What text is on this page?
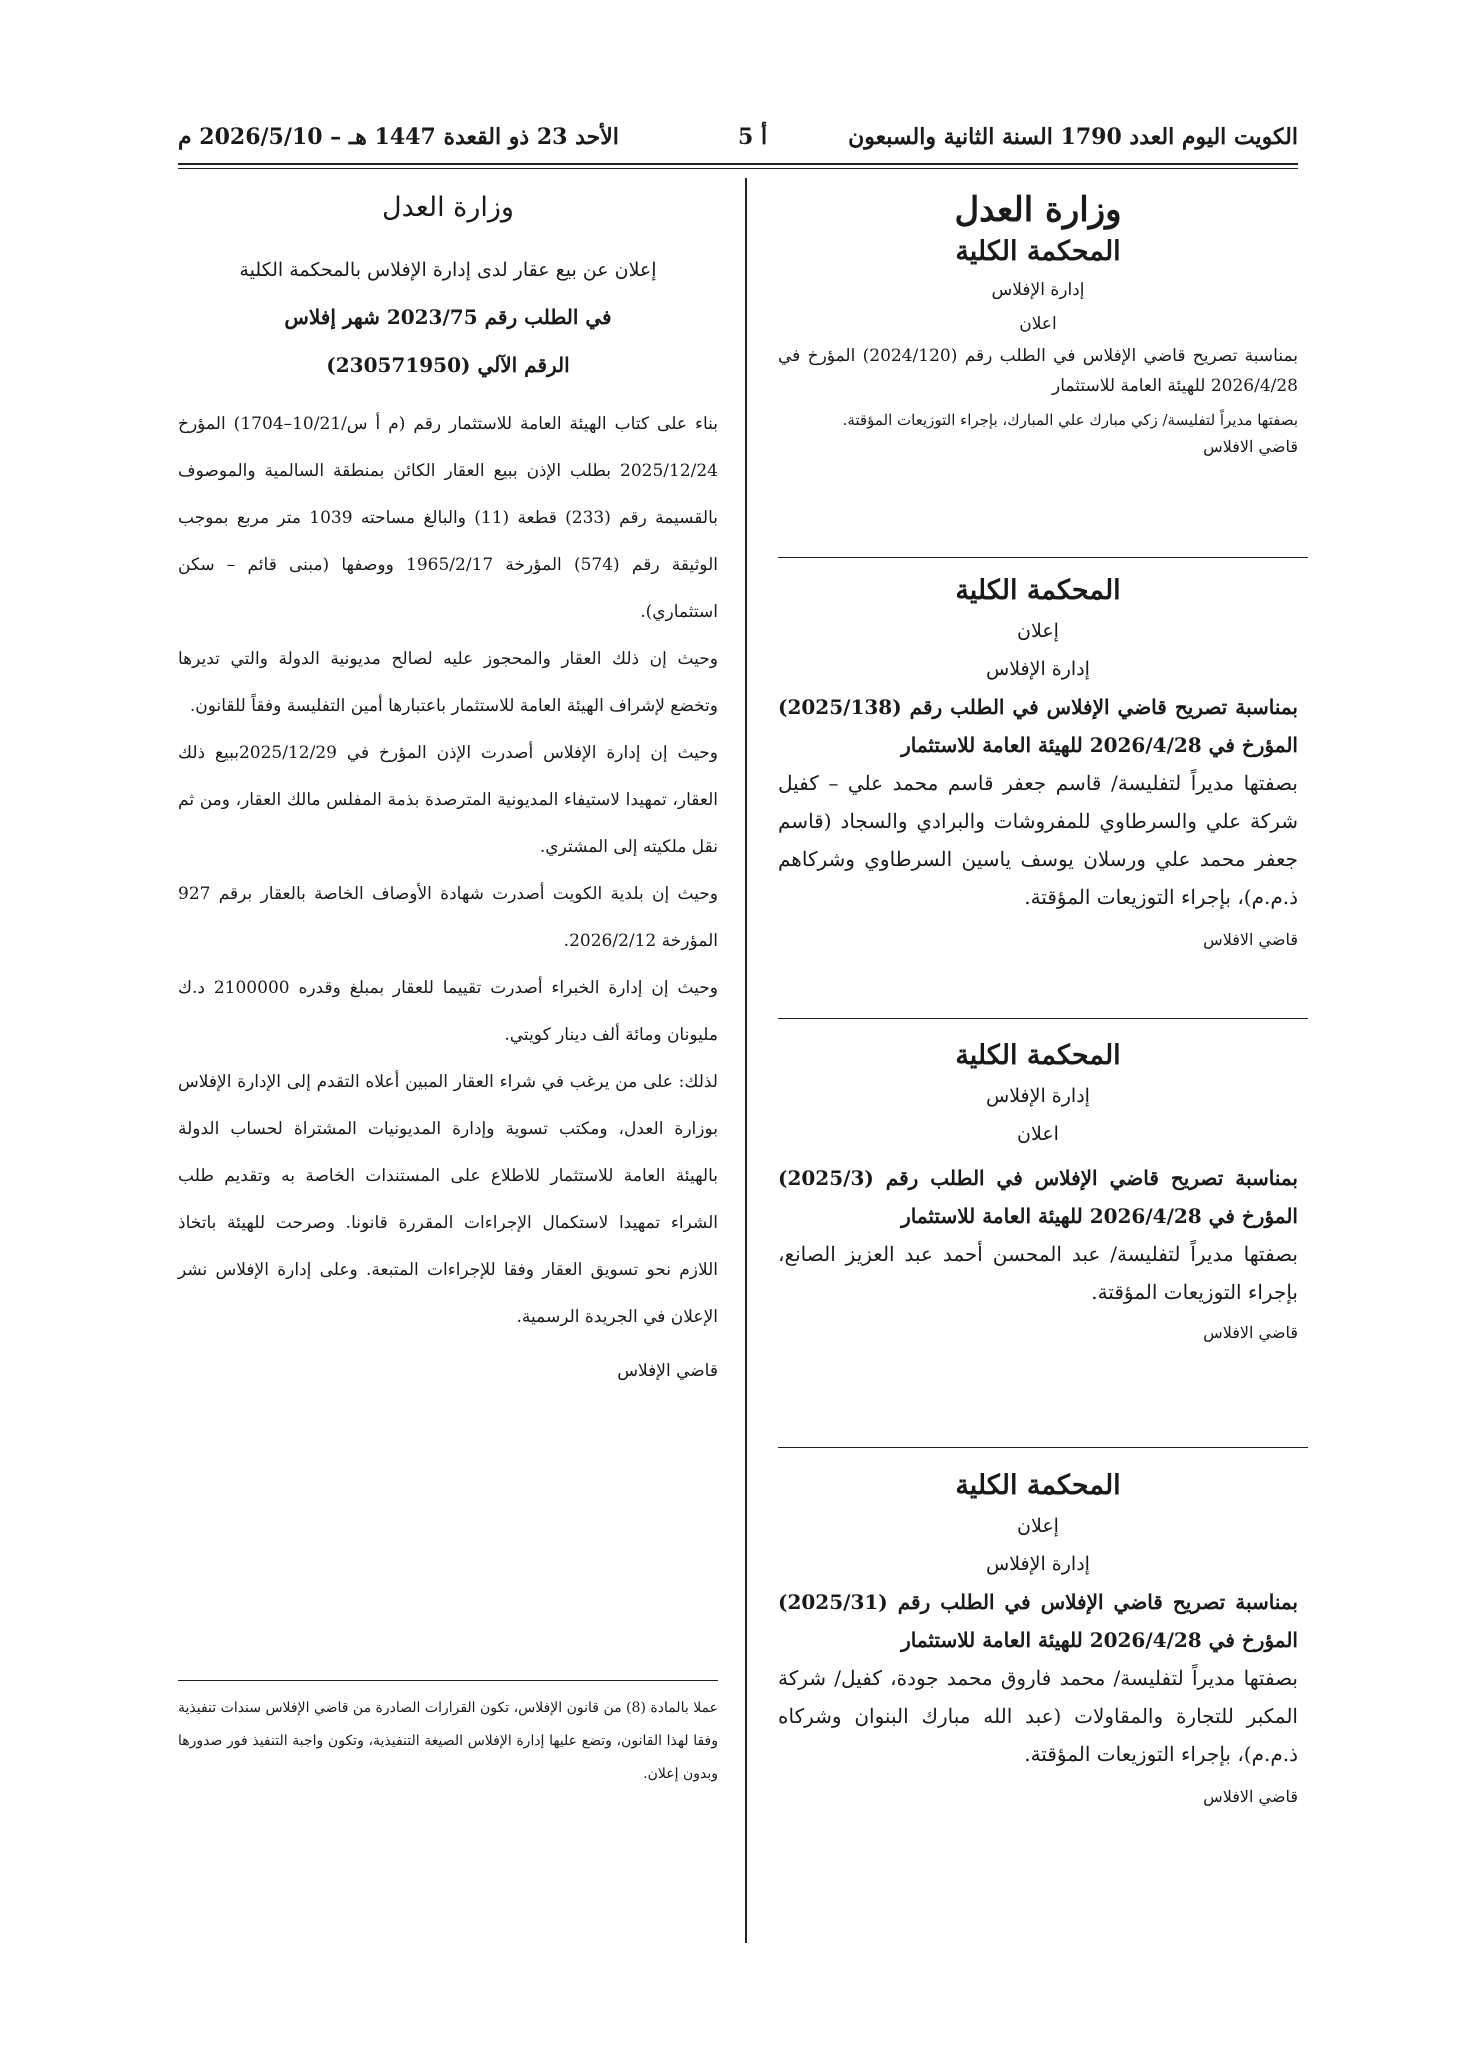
الكويت اليوم العدد 1790 السنة الثانية والسبعون
أ 5
الأحد 23 ذو القعدة 1447 هـ – 2026/5/10 م

وزارة العدل

المحكمة الكلية

إدارة الإفلاس

اعلان

بمناسبة تصريح قاضي الإفلاس في الطلب رقم (2024/120) المؤرخ في 2026/4/28 للهيئة العامة للاستثمار

بصفتها مديراً لتفليسة/ زكي مبارك علي المبارك، بإجراء التوزيعات المؤقتة.

قاضي الافلاس

المحكمة الكلية

إعلان

إدارة الإفلاس

بمناسبة تصريح قاضي الإفلاس في الطلب رقم (2025/138) المؤرخ في 2026/4/28 للهيئة العامة للاستثمار

بصفتها مديراً لتفليسة/ قاسم جعفر قاسم محمد علي – كفيل شركة علي والسرطاوي للمفروشات والبرادي والسجاد (قاسم جعفر محمد علي ورسلان يوسف ياسين السرطاوي وشركاهم ذ.م.م)، بإجراء التوزيعات المؤقتة.

قاضي الافلاس

المحكمة الكلية

إدارة الإفلاس

اعلان

بمناسبة تصريح قاضي الإفلاس في الطلب رقم (2025/3) المؤرخ في 2026/4/28 للهيئة العامة للاستثمار

بصفتها مديراً لتفليسة/ عبد المحسن أحمد عبد العزيز الصانع، بإجراء التوزيعات المؤقتة.

قاضي الافلاس

المحكمة الكلية

إعلان

إدارة الإفلاس

بمناسبة تصريح قاضي الإفلاس في الطلب رقم (2025/31) المؤرخ في 2026/4/28 للهيئة العامة للاستثمار

بصفتها مديراً لتفليسة/ محمد فاروق محمد جودة، كفيل/ شركة المكبر للتجارة والمقاولات (عبد الله مبارك البنوان وشركاه ذ.م.م)، بإجراء التوزيعات المؤقتة.

قاضي الافلاس

وزارة العدل

إعلان عن بيع عقار لدى إدارة الإفلاس بالمحكمة الكلية

في الطلب رقم 2023/75 شهر إفلاس

الرقم الآلي (230571950)

بناء على كتاب الهيئة العامة للاستثمار رقم (م أ س/10/21–1704) المؤرخ 2025/12/24 بطلب الإذن ببيع العقار الكائن بمنطقة السالمية والموصوف بالقسيمة رقم (233) قطعة (11) والبالغ مساحته 1039 متر مربع بموجب الوثيقة رقم (574) المؤرخة 1965/2/17 ووصفها (مبنى قائم – سكن استثماري).

وحيث إن ذلك العقار والمحجوز عليه لصالح مديونية الدولة والتي تديرها وتخضع لإشراف الهيئة العامة للاستثمار باعتبارها أمين التفليسة وفقاً للقانون.

وحيث إن إدارة الإفلاس أصدرت الإذن المؤرخ في 2025/12/29ببيع ذلك العقار، تمهيدا لاستيفاء المديونية المترصدة بذمة المفلس مالك العقار، ومن ثم نقل ملكيته إلى المشتري.

وحيث إن بلدية الكويت أصدرت شهادة الأوصاف الخاصة بالعقار برقم 927 المؤرخة 2026/2/12.

وحيث إن إدارة الخبراء أصدرت تقييما للعقار بمبلغ وقدره 2100000 د.ك مليونان ومائة ألف دينار كويتي.

لذلك: على من يرغب في شراء العقار المبين أعلاه التقدم إلى الإدارة الإفلاس بوزارة العدل، ومكتب تسوية وإدارة المديونيات المشتراة لحساب الدولة بالهيئة العامة للاستثمار للاطلاع على المستندات الخاصة به وتقديم طلب الشراء تمهيدا لاستكمال الإجراءات المقررة قانونا. وصرحت للهيئة باتخاذ اللازم نحو تسويق العقار وفقا للإجراءات المتبعة. وعلى إدارة الإفلاس نشر الإعلان في الجريدة الرسمية.

قاضي الإفلاس

عملا بالمادة (8) من قانون الإفلاس، تكون القرارات الصادرة من قاضي الإفلاس سندات تنفيذية وفقا لهذا القانون، وتضع عليها إدارة الإفلاس الصيغة التنفيذية، وتكون واجبة التنفيذ فور صدورها وبدون إعلان.
